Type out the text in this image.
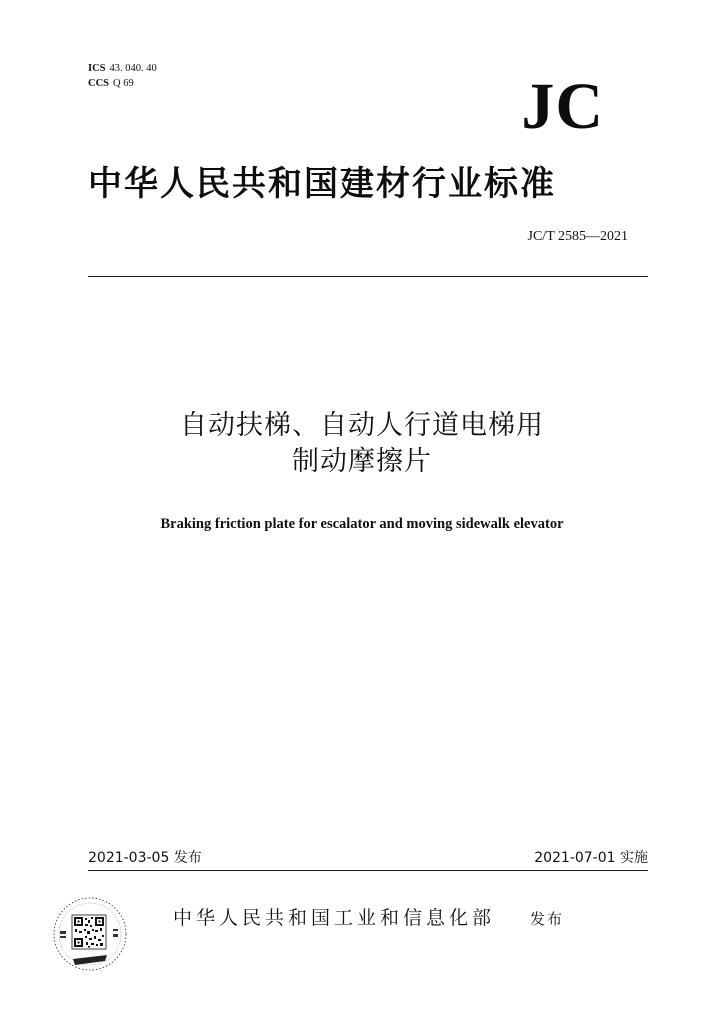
ICS 43. 040. 40
CCS Q 69	JC
中华人民共和国建材行业标准
JC/T 2585—2021
自动扶梯、自动人行道电梯用
制动摩擦片
Braking friction plate for escalator and moving sidewalk elevator
2021-03-05 发布	2021-07-01 实施
中华人民共和国工业和信息化部 发布
